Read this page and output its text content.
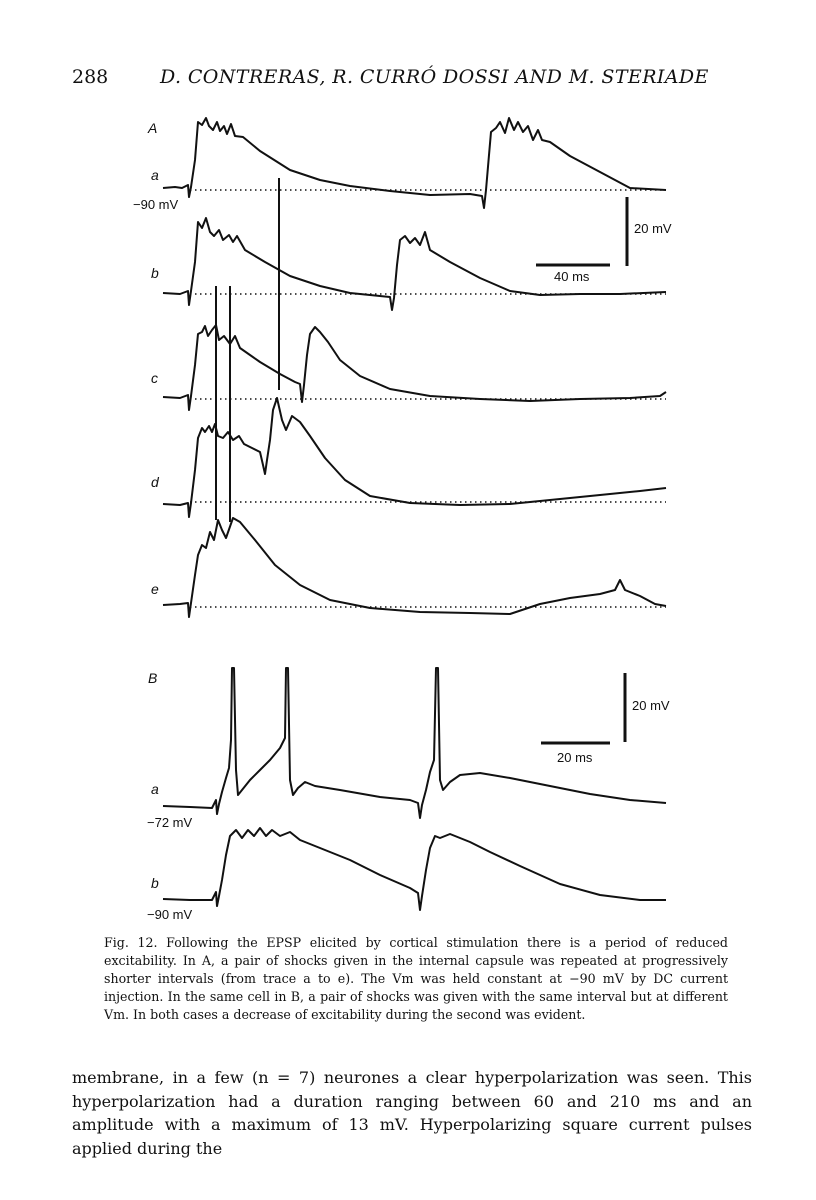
288	D. CONTRERAS, R. CURRÓ DOSSI AND M. STERIADE
A
a
b
c
d
e
−90 mV
20 mV
40 ms
B
a
b
−72 mV
−90 mV
20 mV
20 ms
Fig. 12. Following the EPSP elicited by cortical stimulation there is a period of reduced excitability. In A, a pair of shocks given in the internal capsule was repeated at progressively shorter intervals (from trace a to e). The Vm was held constant at −90 mV by DC current injection. In the same cell in B, a pair of shocks was given with the same interval but at different Vm. In both cases a decrease of excitability during the second was evident.

membrane, in a few (n = 7) neurones a clear hyperpolarization was seen. This hyperpolarization had a duration ranging between 60 and 210 ms and an amplitude with a maximum of 13 mV. Hyperpolarizing square current pulses applied during the
